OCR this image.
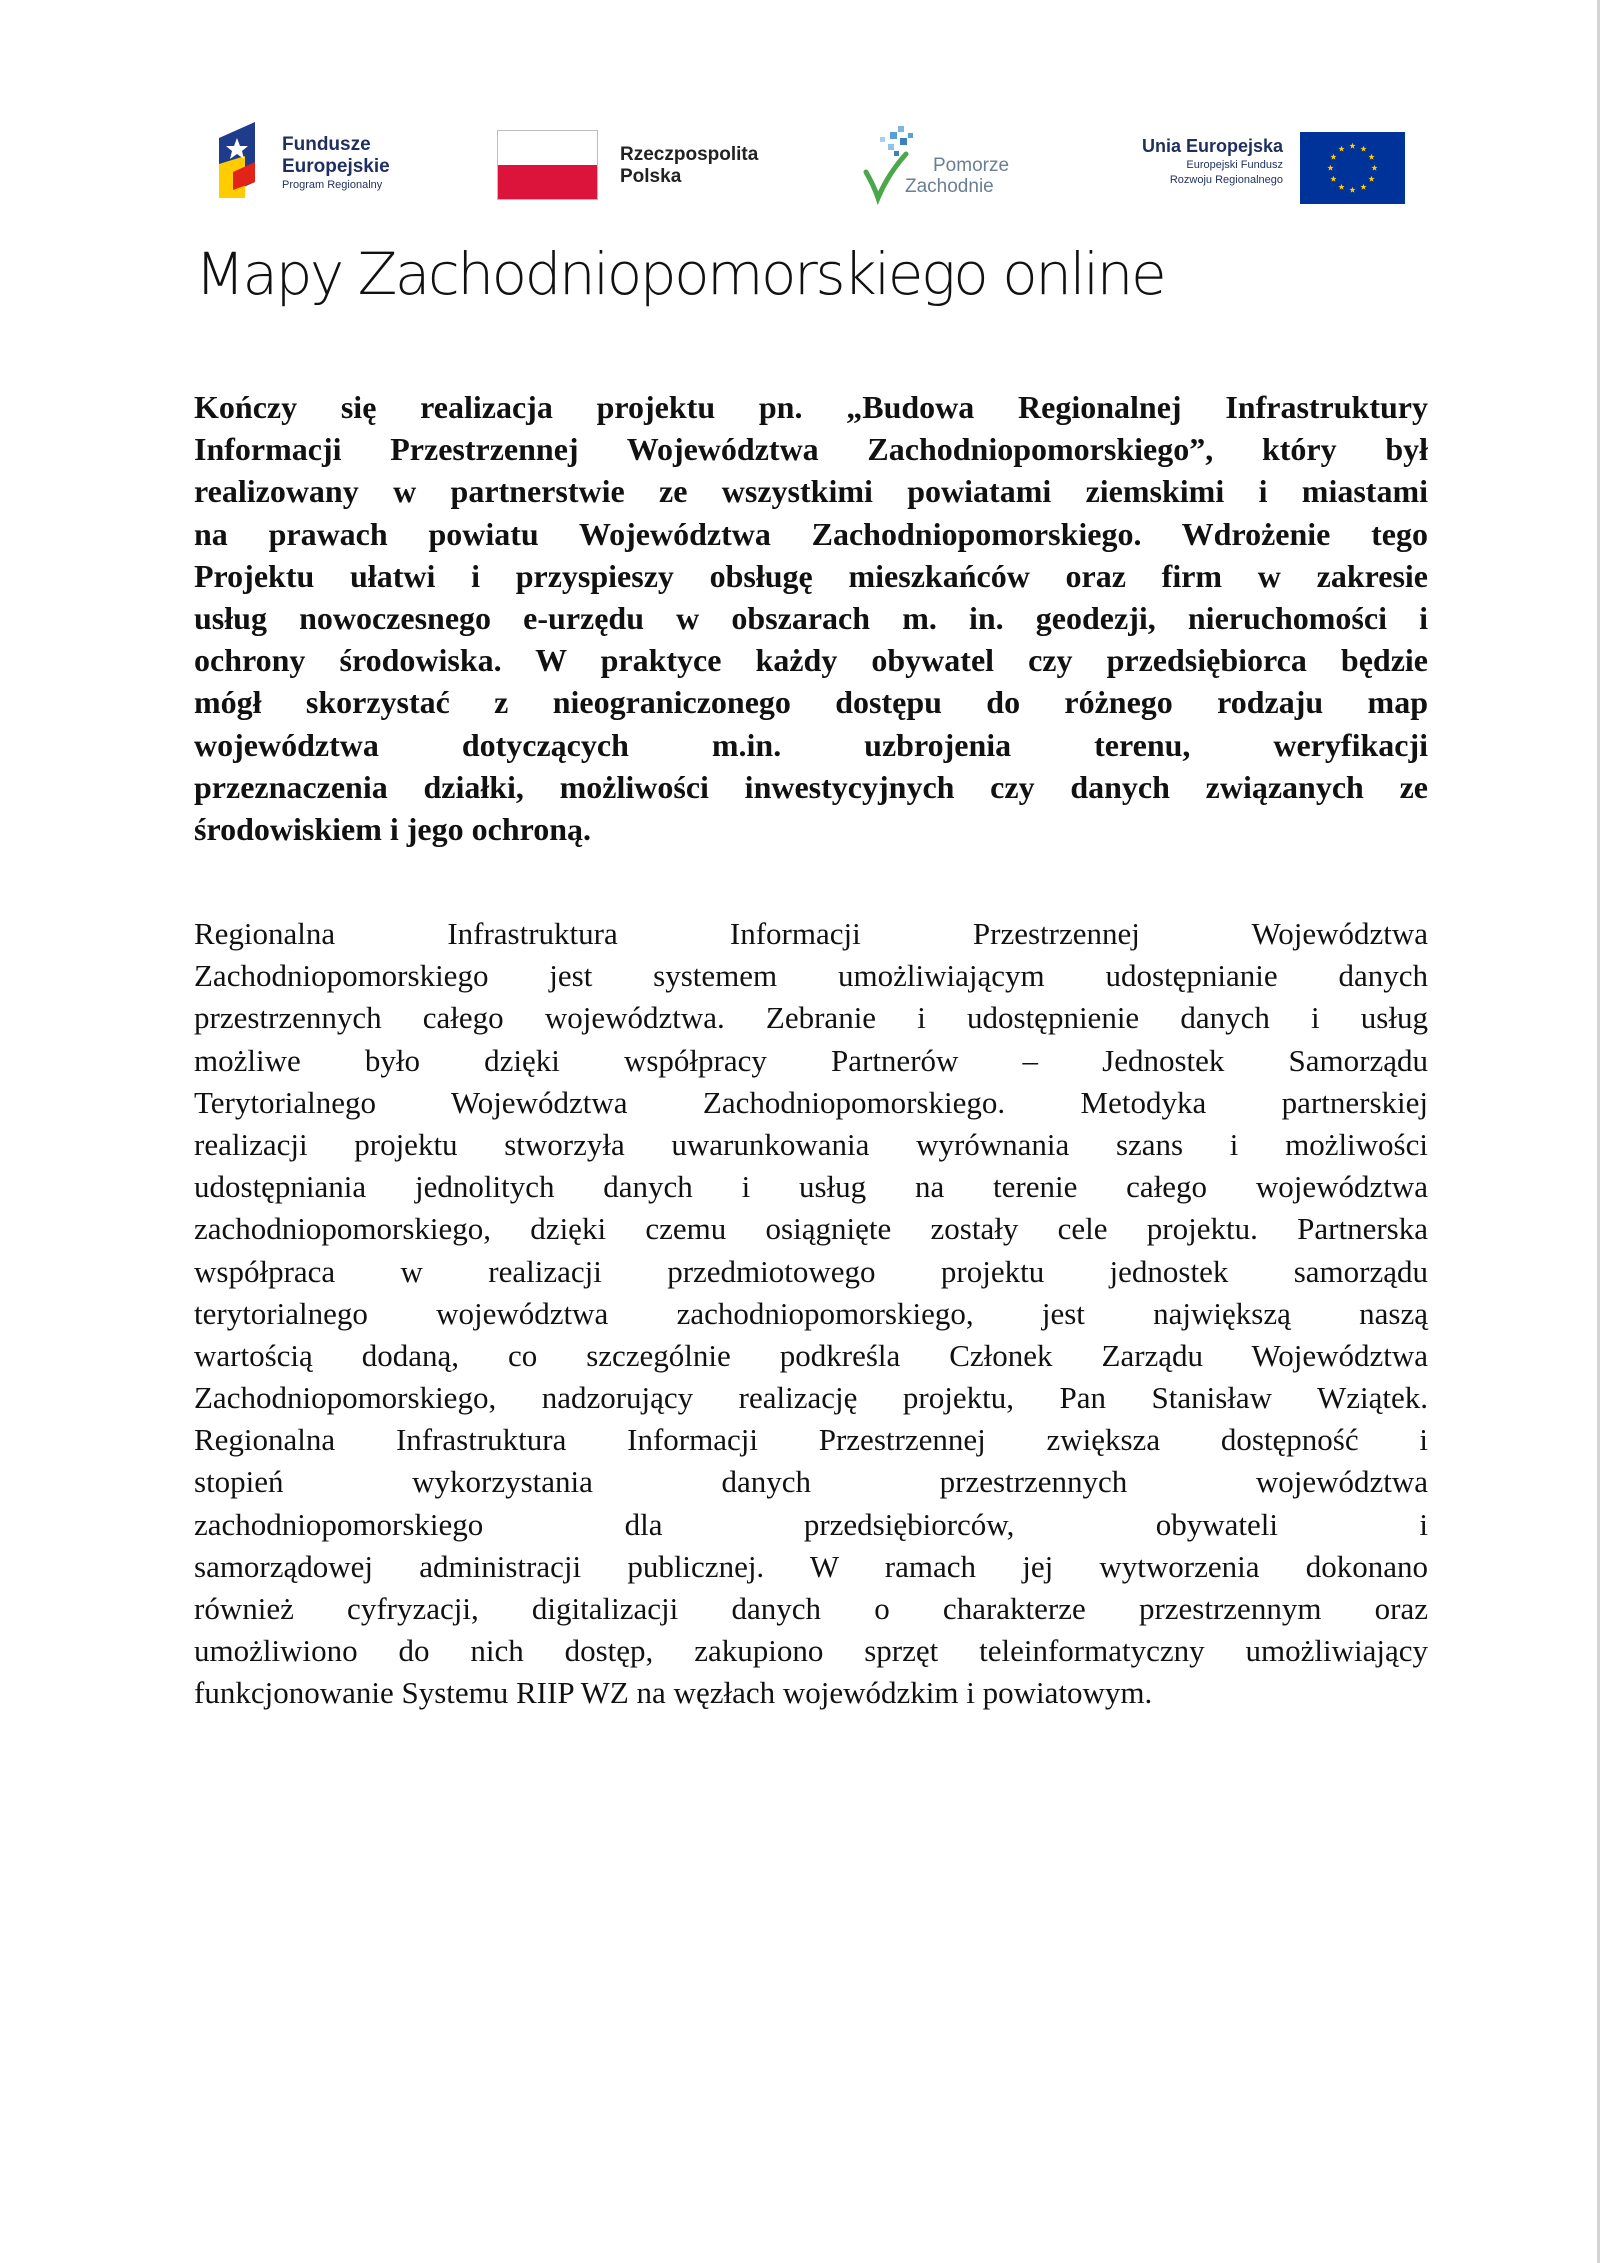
Fundusze
Europejskie
Program Regionalny
Rzeczpospolita
Polska
Pomorze
Zachodnie
Unia Europejska
Europejski Fundusz
Rozwoju Regionalnego
Mapy Zachodniopomorskiego online
Kończy się realizacja projektu pn. „Budowa Regionalnej Infrastruktury
Informacji Przestrzennej Województwa Zachodniopomorskiego”, który był
realizowany w partnerstwie ze wszystkimi powiatami ziemskimi i miastami
na prawach powiatu Województwa Zachodniopomorskiego. Wdrożenie tego
Projektu ułatwi i przyspieszy obsługę mieszkańców oraz firm w zakresie
usług nowoczesnego e-urzędu w obszarach m. in. geodezji, nieruchomości i
ochrony środowiska. W praktyce każdy obywatel czy przedsiębiorca będzie
mógł skorzystać z nieograniczonego dostępu do różnego rodzaju map
województwa dotyczących m.in. uzbrojenia terenu, weryfikacji
przeznaczenia działki, możliwości inwestycyjnych czy danych związanych ze
środowiskiem i jego ochroną.
Regionalna Infrastruktura Informacji Przestrzennej Województwa
Zachodniopomorskiego jest systemem umożliwiającym udostępnianie danych
przestrzennych całego województwa. Zebranie i udostępnienie danych i usług
możliwe było dzięki współpracy Partnerów – Jednostek Samorządu
Terytorialnego Województwa Zachodniopomorskiego. Metodyka partnerskiej
realizacji projektu stworzyła uwarunkowania wyrównania szans i możliwości
udostępniania jednolitych danych i usług na terenie całego województwa
zachodniopomorskiego, dzięki czemu osiągnięte zostały cele projektu. Partnerska
współpraca w realizacji przedmiotowego projektu jednostek samorządu
terytorialnego województwa zachodniopomorskiego, jest największą naszą
wartością dodaną, co szczególnie podkreśla Członek Zarządu Województwa
Zachodniopomorskiego, nadzorujący realizację projektu, Pan Stanisław Wziątek.
Regionalna Infrastruktura Informacji Przestrzennej zwiększa dostępność i
stopień wykorzystania danych przestrzennych województwa
zachodniopomorskiego dla przedsiębiorców, obywateli i
samorządowej administracji publicznej. W ramach jej wytworzenia dokonano
również cyfryzacji, digitalizacji danych o charakterze przestrzennym oraz
umożliwiono do nich dostęp, zakupiono sprzęt teleinformatyczny umożliwiający
funkcjonowanie Systemu RIIP WZ na węzłach wojewódzkim i powiatowym.
